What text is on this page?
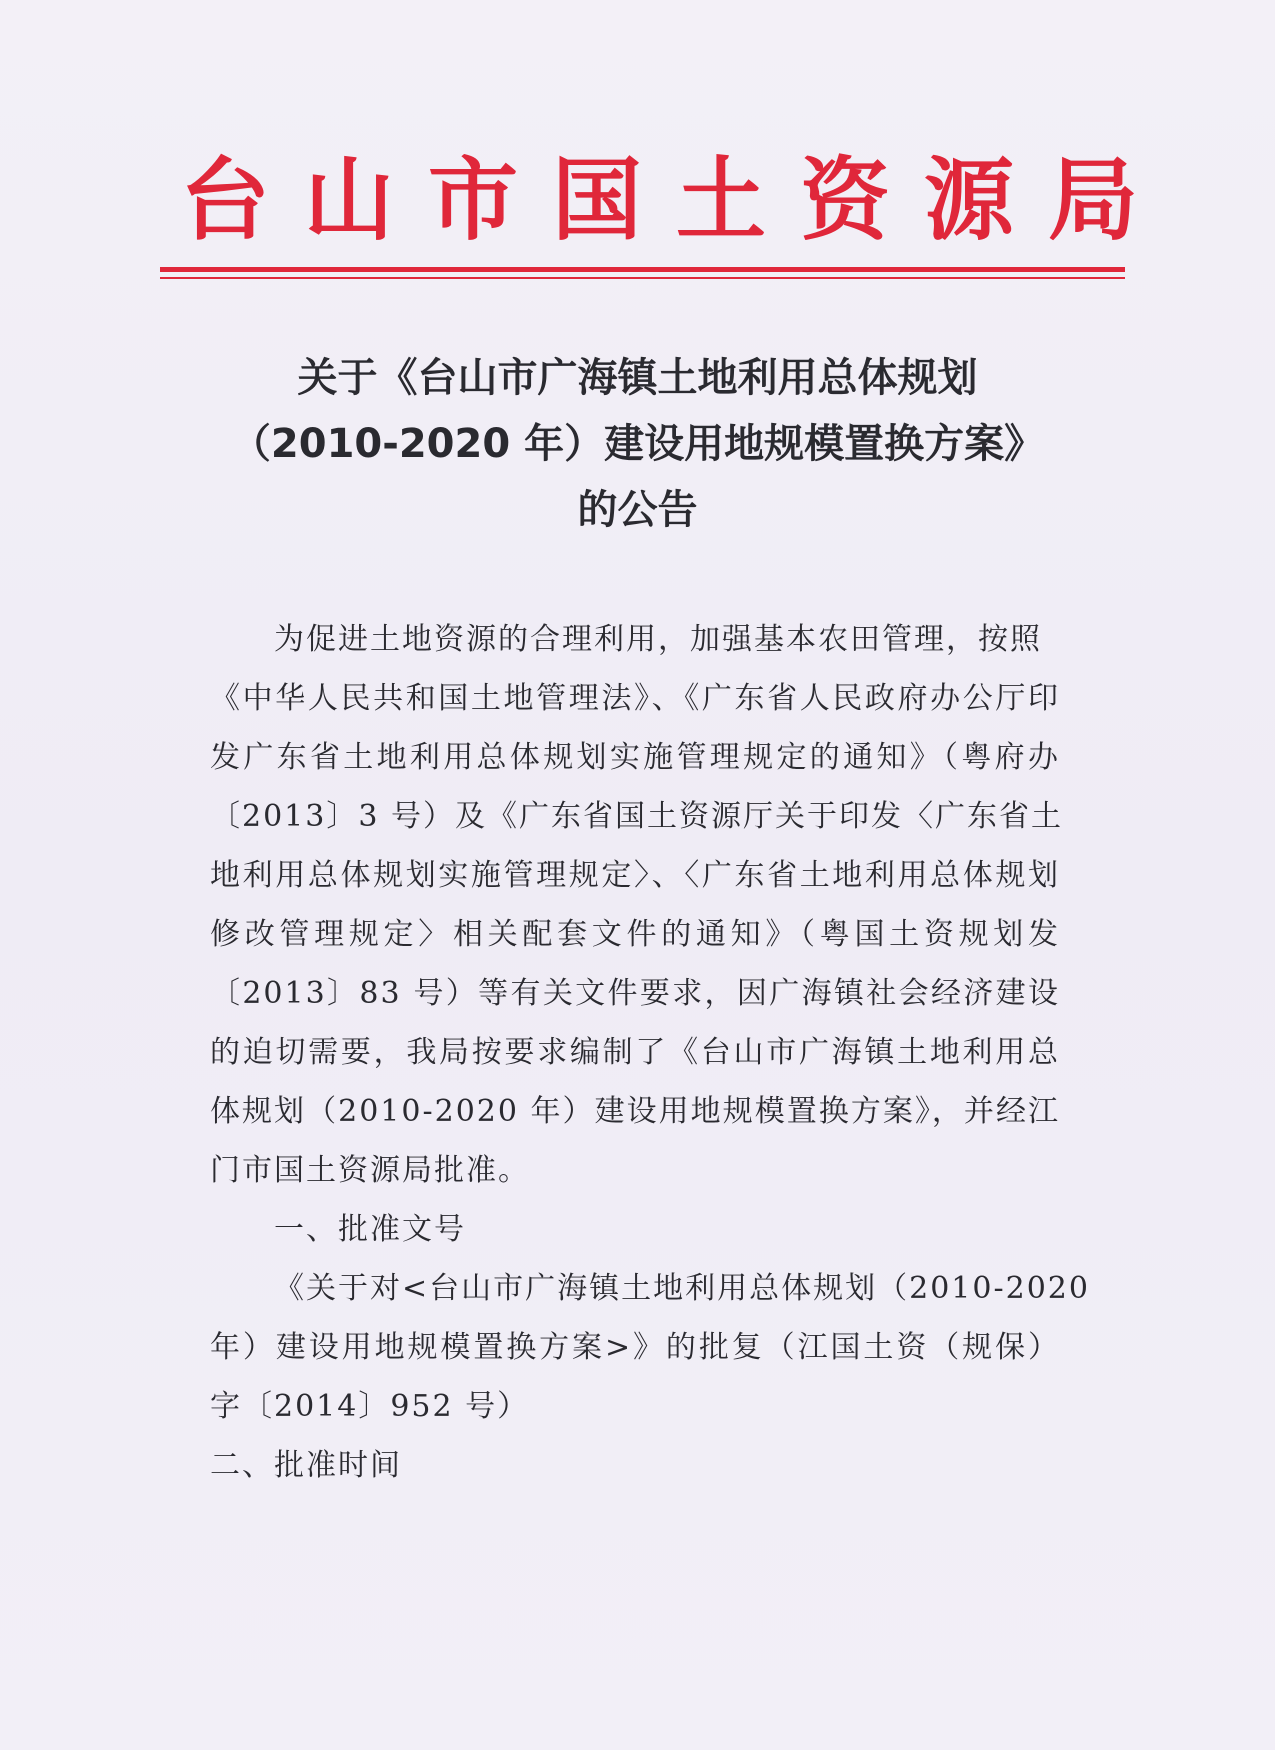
台山市国土资源局
关于《台山市广海镇土地利用总体规划
（2010-2020 年）建设用地规模置换方案》
的公告
为促进土地资源的合理利用，加强基本农田管理，按照
《中华人民共和国土地管理法》、《广东省人民政府办公厅印
发广东省土地利用总体规划实施管理规定的通知》（粤府办
〔2013〕3 号）及《广东省国土资源厅关于印发〈广东省土
地利用总体规划实施管理规定〉、〈广东省土地利用总体规划
修改管理规定〉相关配套文件的通知》（粤国土资规划发
〔2013〕83 号）等有关文件要求，因广海镇社会经济建设
的迫切需要，我局按要求编制了《台山市广海镇土地利用总
体规划（2010-2020 年）建设用地规模置换方案》，并经江
门市国土资源局批准。
一、批准文号
《关于对<台山市广海镇土地利用总体规划（2010-2020
年）建设用地规模置换方案>》的批复（江国土资（规保）
字〔2014〕952 号）
二、批准时间
